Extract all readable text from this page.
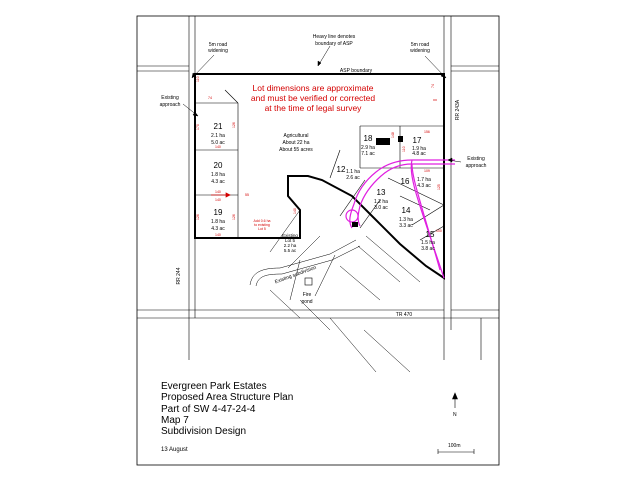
5m road
widening
5m road
widening
Heavy line denotes
boundary of ASP
ASP boundary
Existing
approach
Existing
approach
Lot dimensions are approximate
and must be verified or corrected
at the time of legal survey
Agricultural
About 22 ha
About 55 acres
Existing
Lot 5
2.2 ha
5.5 ac
Add 0.6 ha
to existing
Lot 5
Existing subdivision
Fire
pond
RR 244
RR 243A
TR 470
21
2.1 ha
5.0 ac
20
1.8 ha
4.3 ac
19
1.8 ha
4.3 ac
18
2.9 ha
7.1 ac
17
1.9 ha
4.8 ac
16 1.7 ha
4.3 ac
12 1.1 ha
2.6 ac
13
1.2 ha
3.0 ac 14
1.3 ha
3.3 ac
15
1.5 ha
3.8 ac
110
74
170	126
140
140
140
140
126	126
55
148
156
109
110
125
100
140
74
Evergreen Park Estates
Proposed Area Structure Plan
Part of SW 4-47-24-4
Map 7
Subdivision Design
13 August
100m
N
